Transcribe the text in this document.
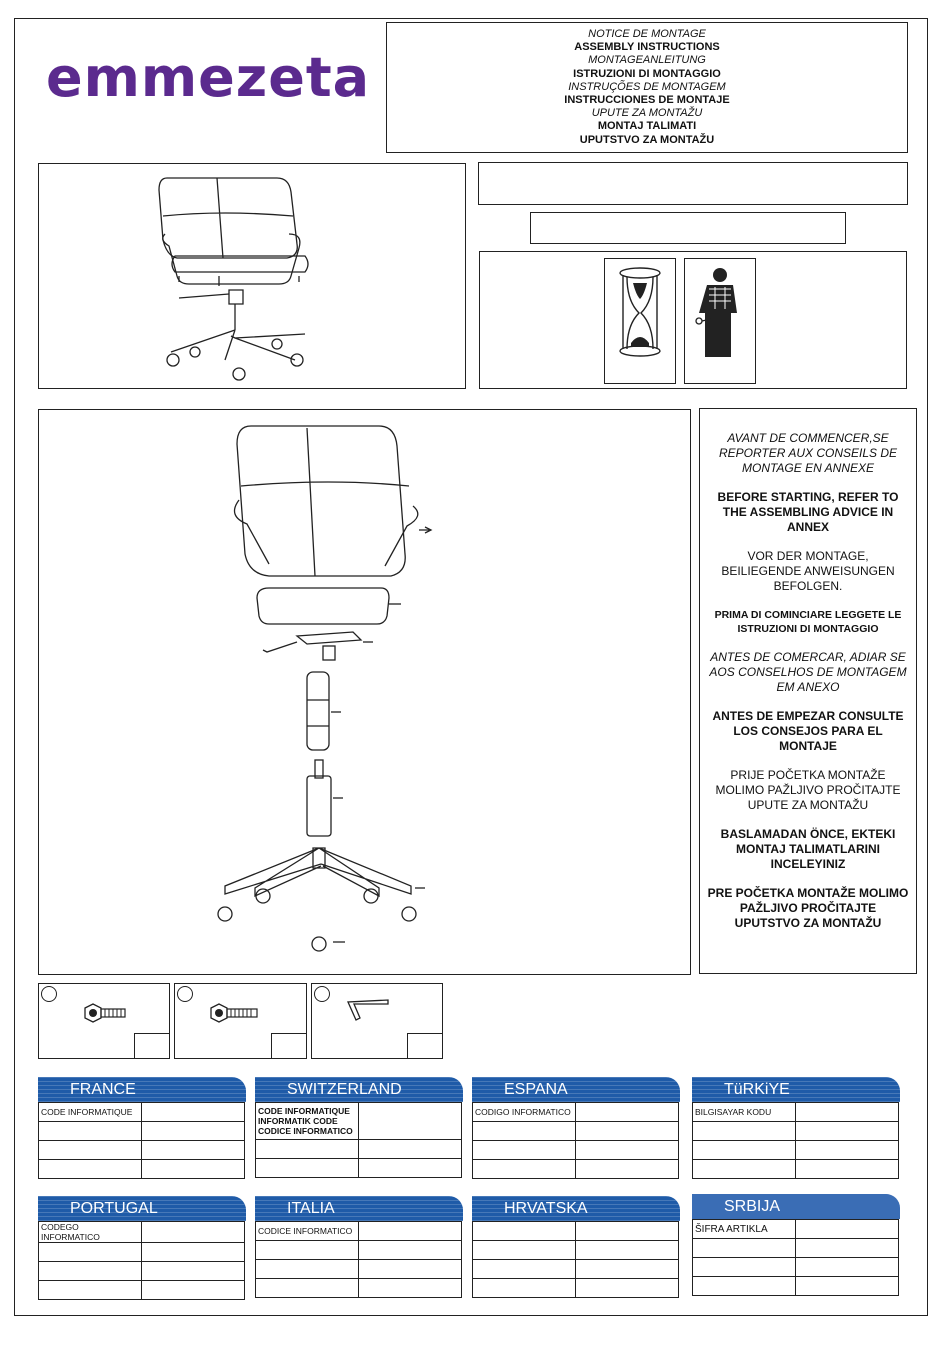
emmezeta
NOTICE DE MONTAGE
ASSEMBLY INSTRUCTIONS
MONTAGEANLEITUNG
ISTRUZIONI DI MONTAGGIO
INSTRUÇÕES DE MONTAGEM
INSTRUCCIONES DE MONTAJE
UPUTE ZA MONTAŽU
MONTAJ TALIMATI
UPUTSTVO ZA MONTAŽU

AVANT DE COMMENCER,SE REPORTER AUX CONSEILS DE MONTAGE EN ANNEXE

BEFORE STARTING, REFER TO THE ASSEMBLING ADVICE IN ANNEX

VOR DER MONTAGE, BEILIEGENDE ANWEISUNGEN BEFOLGEN.

PRIMA DI COMINCIARE LEGGETE LE ISTRUZIONI DI MONTAGGIO

ANTES DE COMERCAR, ADIAR SE AOS CONSELHOS DE MONTAGEM EM ANEXO

ANTES DE EMPEZAR CONSULTE LOS CONSEJOS PARA EL MONTAJE

PRIJE POČETKA MONTAŽE MOLIMO PAŽLJIVO PROČITAJTE UPUTE ZA MONTAŽU

BASLAMADAN ÖNCE, EKTEKI MONTAJ TALIMATLARINI INCELEYINIZ

PRE POČETKA MONTAŽE MOLIMO PAŽLJIVO PROČITAJTE UPUTSTVO ZA MONTAŽU

FRANCE
CODE INFORMATIQUE	

SWITZERLAND
CODE INFORMATIQUE INFORMATIK CODE CODICE INFORMATICO	

ESPANA
CODIGO INFORMATICO	

TüRKiYE
BILGISAYAR KODU	

PORTUGAL
CODEGO INFORMATICO	

ITALIA
CODICE INFORMATICO	

HRVATSKA

		SRBIJA
ŠIFRA ARTIKLA	
